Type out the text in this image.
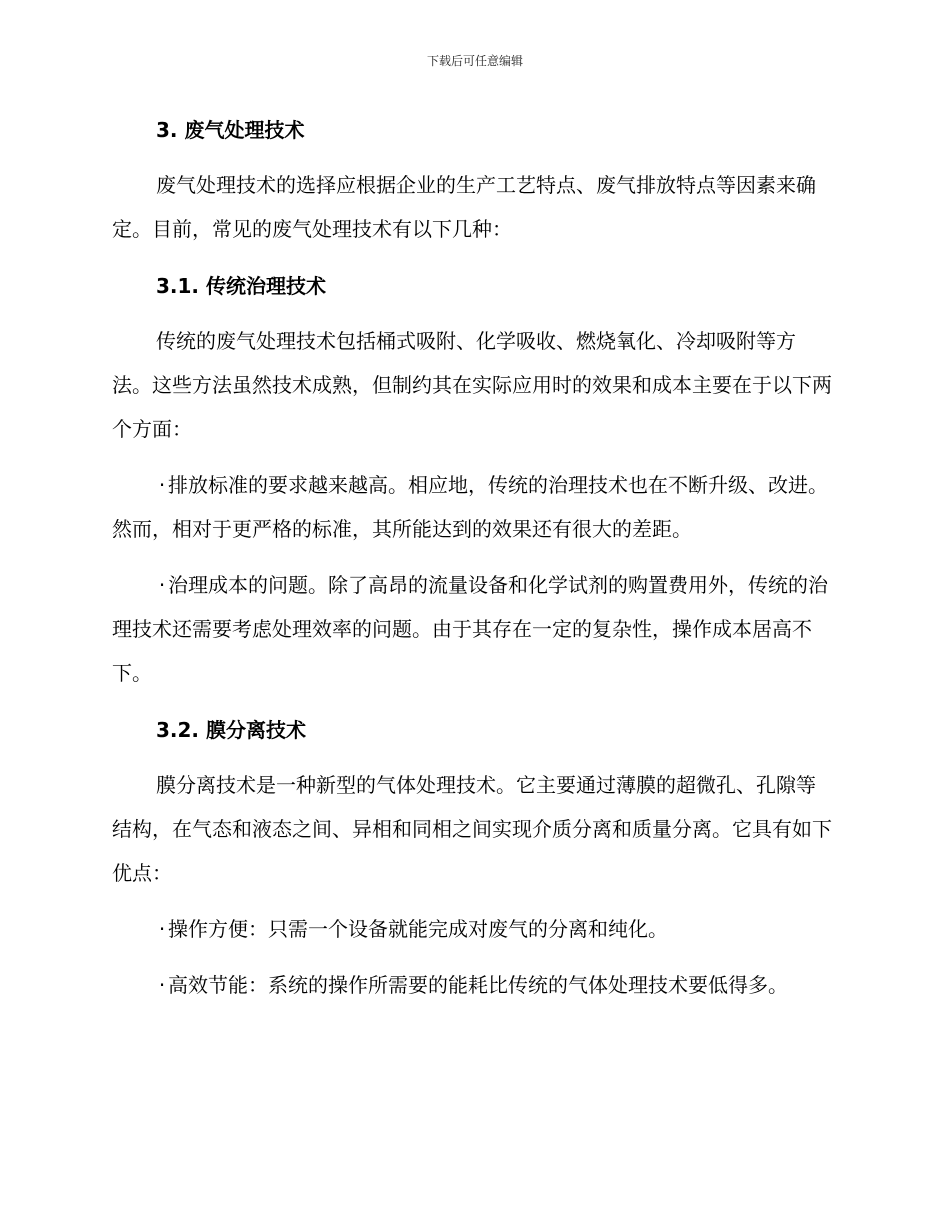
下载后可任意编辑
3. 废气处理技术

废气处理技术的选择应根据企业的生产工艺特点、废气排放特点等因素来确定。目前，常见的废气处理技术有以下几种：

3.1. 传统治理技术

传统的废气处理技术包括桶式吸附、化学吸收、燃烧氧化、冷却吸附等方法。这些方法虽然技术成熟，但制约其在实际应用时的效果和成本主要在于以下两个方面：

· 排放标准的要求越来越高。相应地，传统的治理技术也在不断升级、改进。然而，相对于更严格的标准，其所能达到的效果还有很大的差距。

· 治理成本的问题。除了高昂的流量设备和化学试剂的购置费用外，传统的治理技术还需要考虑处理效率的问题。由于其存在一定的复杂性，操作成本居高不下。

3.2. 膜分离技术

膜分离技术是一种新型的气体处理技术。它主要通过薄膜的超微孔、孔隙等结构，在气态和液态之间、异相和同相之间实现介质分离和质量分离。它具有如下优点：

· 操作方便：只需一个设备就能完成对废气的分离和纯化。

· 高效节能：系统的操作所需要的能耗比传统的气体处理技术要低得多。
